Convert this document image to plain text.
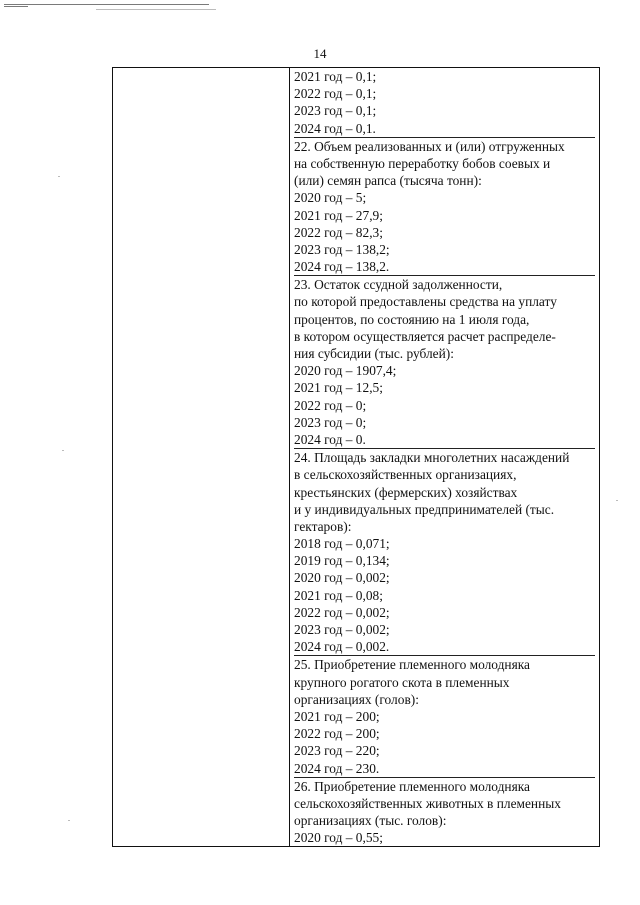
14
2021 год – 0,1;
2022 год – 0,1;
2023 год – 0,1;
2024 год – 0,1.
22. Объем реализованных и (или) отгруженных
на собственную переработку бобов соевых и
(или) семян рапса (тысяча тонн):
2020 год – 5;
2021 год – 27,9;
2022 год – 82,3;
2023 год – 138,2;
2024 год – 138,2.
23. Остаток ссудной задолженности,
по которой предоставлены средства на уплату
процентов, по состоянию на 1 июля года,
в котором осуществляется расчет распределе-
ния субсидии (тыс. рублей):
2020 год – 1907,4;
2021 год – 12,5;
2022 год – 0;
2023 год – 0;
2024 год – 0.
24. Площадь закладки многолетних насаждений
в сельскохозяйственных организациях,
крестьянских (фермерских) хозяйствах
и у индивидуальных предпринимателей (тыс.
гектаров):
2018 год – 0,071;
2019 год – 0,134;
2020 год – 0,002;
2021 год – 0,08;
2022 год – 0,002;
2023 год – 0,002;
2024 год – 0,002.
25. Приобретение племенного молодняка
крупного рогатого скота в племенных
организациях (голов):
2021 год – 200;
2022 год – 200;
2023 год – 220;
2024 год – 230.
26. Приобретение племенного молодняка
сельскохозяйственных животных в племенных
организациях (тыс. голов):
2020 год – 0,55;
